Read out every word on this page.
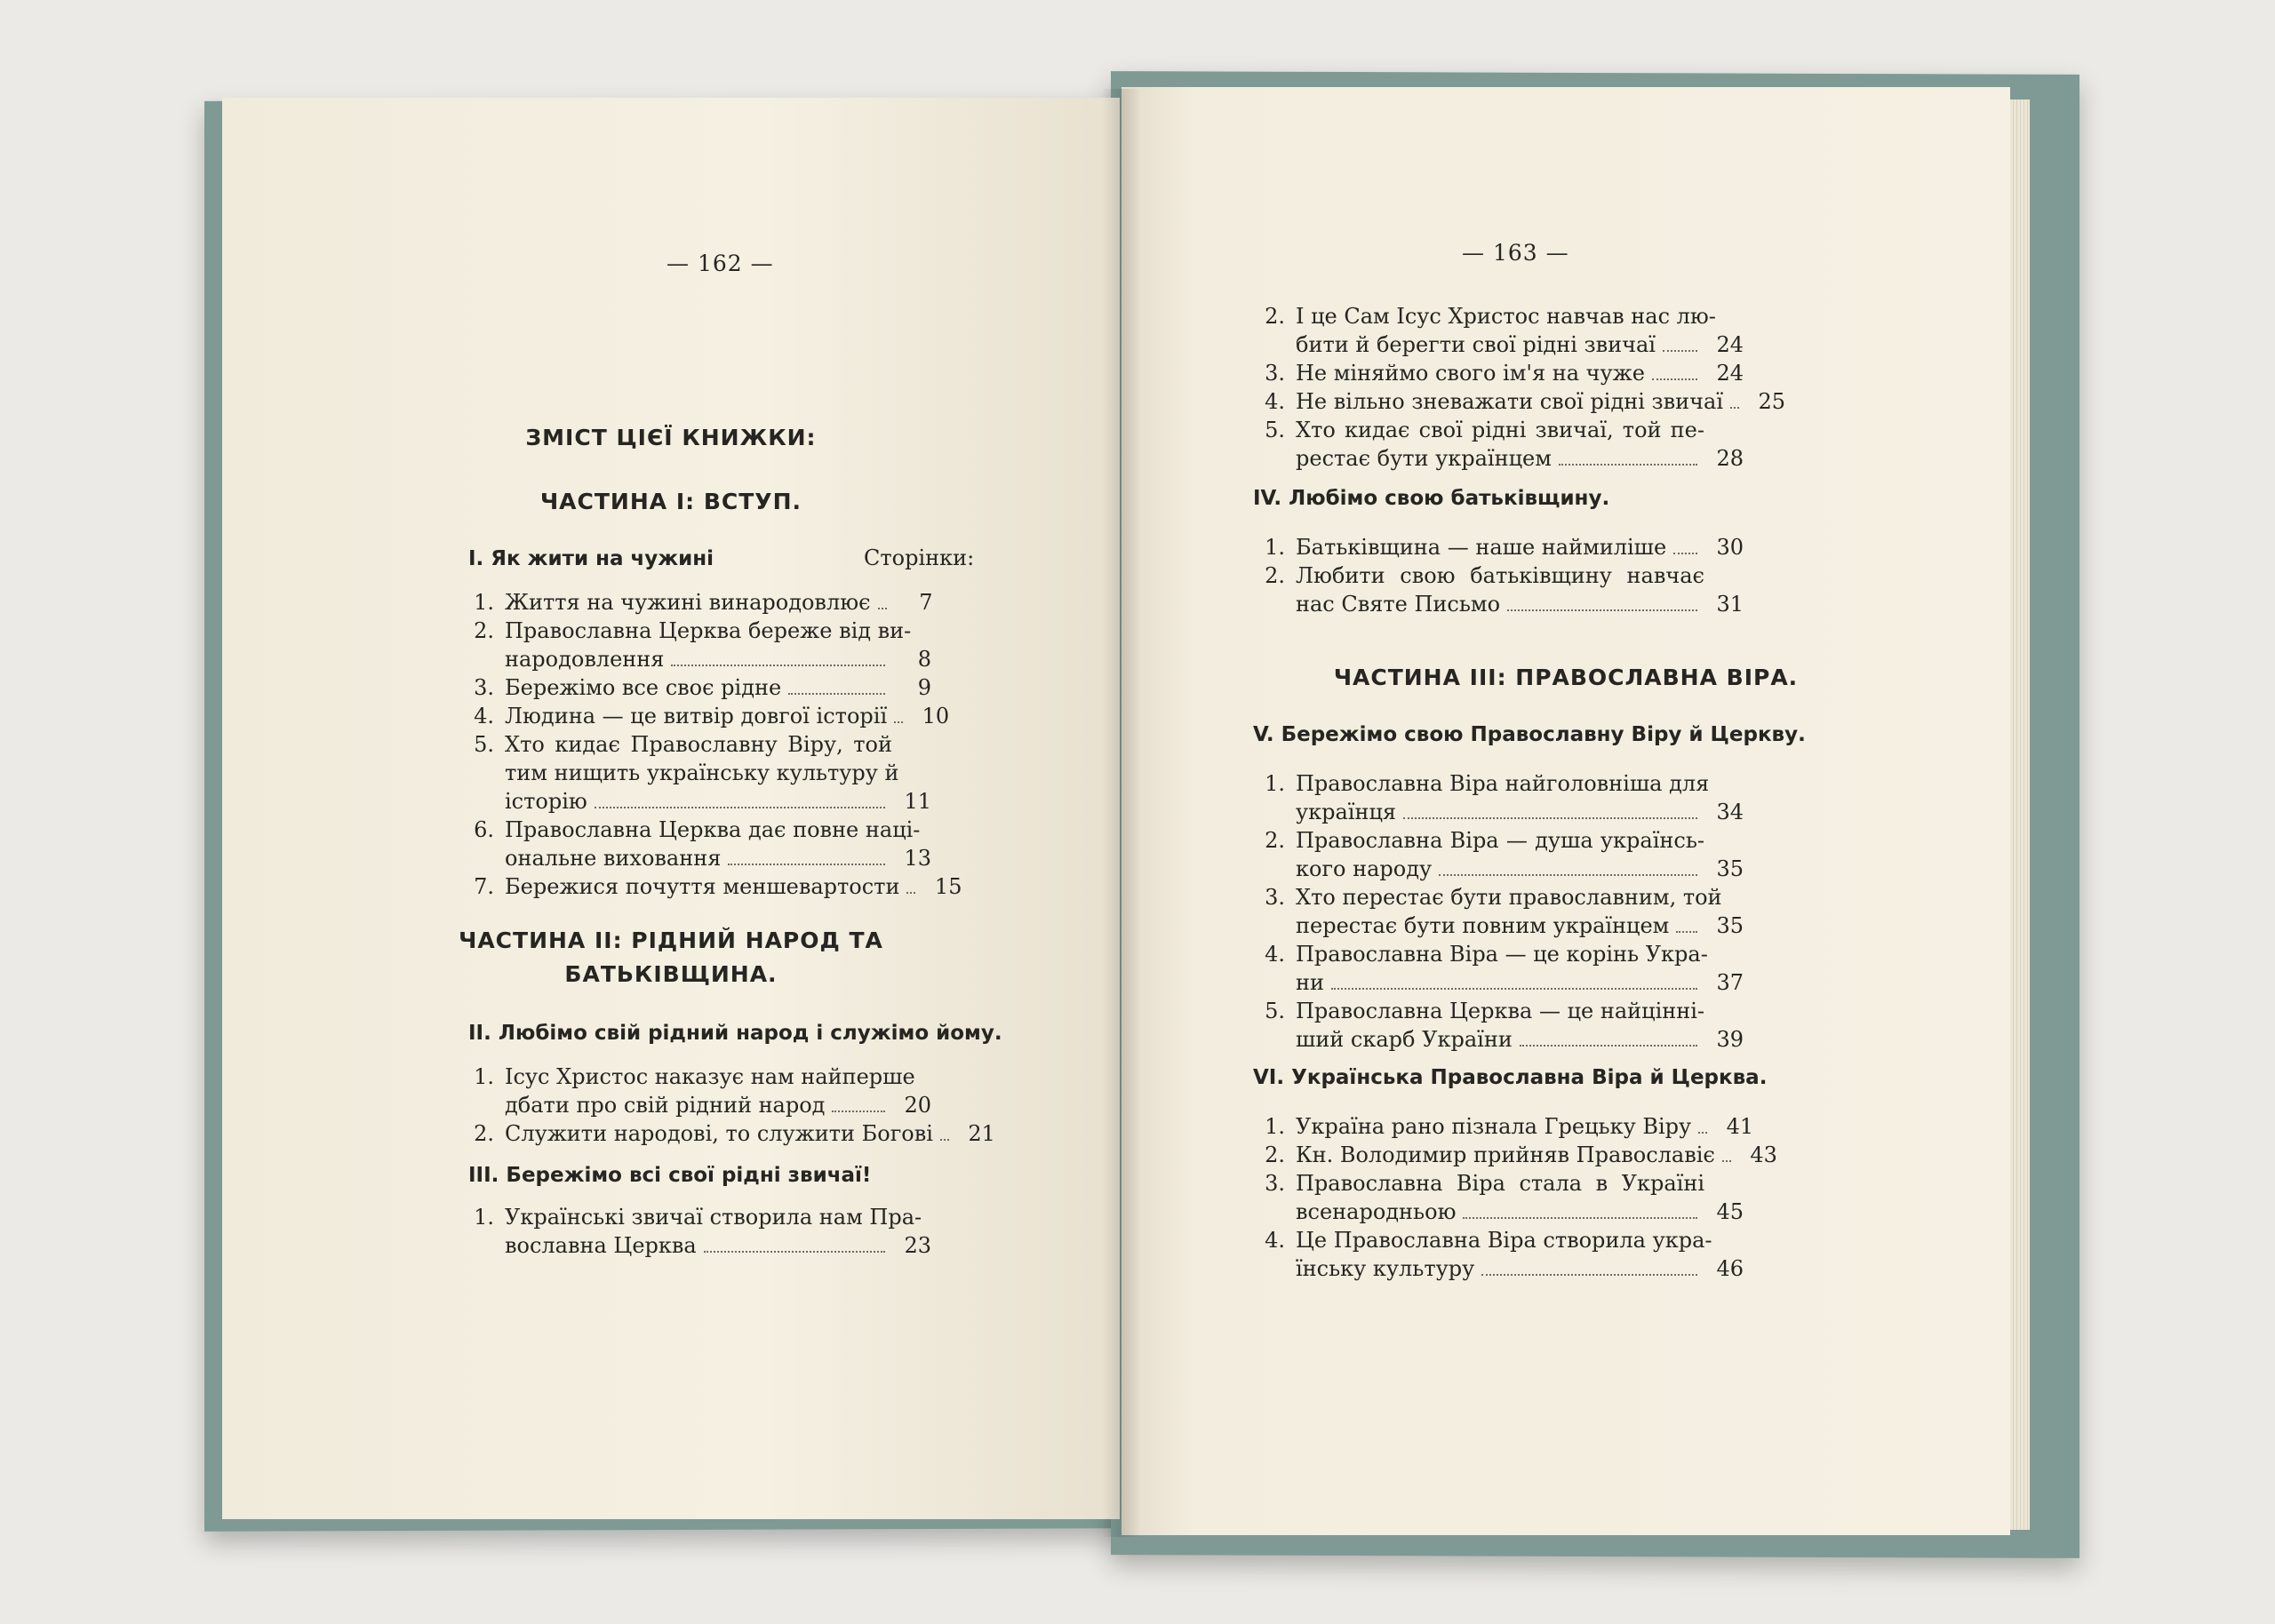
— 162 —
ЗМІСТ ЦІЄЇ КНИЖКИ:
ЧАСТИНА І: ВСТУП.
І. Як жити на чужині	Сторінки:
1. Життя на чужині винародовлює	7
2. Православна Церква береже від ви-
народовлення	8
3. Бережімо все своє рідне	9
4. Людина — це витвір довгої історії	10
5. Хто кидає Православну Віру, той
тим нищить українську культуру й
історію	11
6. Православна Церква дає повне наці-
ональне виховання	13
7. Бережися почуття меншевартости	15
ЧАСТИНА ІІ: РІДНИЙ НАРОД ТА
БАТЬКІВЩИНА.
ІІ. Любімо свій рідний народ і служімо йому.
1. Ісус Христос наказує нам найперше
дбати про свій рідний народ	20
2. Служити народові, то служити Богові	21
ІІІ. Бережімо всі свої рідні звичаї!
1. Українські звичаї створила нам Пра-
вославна Церква	23
— 163 —
2. І це Сам Ісус Христос навчав нас лю-
бити й берегти свої рідні звичаї	24
3. Не міняймо свого ім'я на чуже	24
4. Не вільно зневажати свої рідні звичаї	25
5. Хто кидає свої рідні звичаї, той пе-
рестає бути українцем	28
IV. Любімо свою батьківщину.
1. Батьківщина — наше наймиліше	30
2. Любити свою батьківщину навчає
нас Святе Письмо	31
ЧАСТИНА ІІІ: ПРАВОСЛАВНА ВІРА.
V. Бережімо свою Православну Віру й Церкву.
1. Православна Віра найголовніша для
українця	34
2. Православна Віра — душа українсь-
кого народу	35
3. Хто перестає бути православним, той
перестає бути повним українцем	35
4. Православна Віра — це корінь Укра-
ни	37
5. Православна Церква — це найцінні-
ший скарб України	39
VI. Українська Православна Віра й Церква.
1. Україна рано пізнала Грецьку Віру	41
2. Кн. Володимир прийняв Православіє	43
3. Православна Віра стала в Україні
всенародньою	45
4. Це Православна Віра створила укра-
їнську культуру	46
